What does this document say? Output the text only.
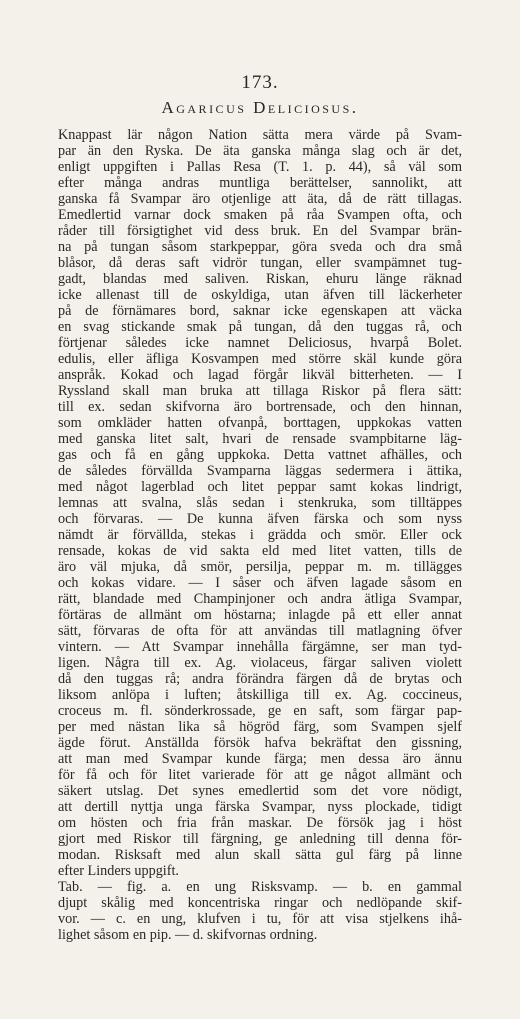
173.
Agaricus Deliciosus.
Knappast lär någon Nation sätta mera värde på Svam-
par än den Ryska. De äta ganska många slag och är det,
enligt uppgiften i Pallas Resa (T. 1. p. 44), så väl som
efter många andras muntliga berättelser, sannolikt, att
ganska få Svampar äro otjenlige att äta, då de rätt tillagas.
Emedlertid varnar dock smaken på råa Svampen ofta, och
råder till försigtighet vid dess bruk. En del Svampar brän-
na på tungan såsom starkpeppar, göra sveda och dra små
blåsor, då deras saft vidrör tungan, eller svampämnet tug-
gadt, blandas med saliven. Riskan, ehuru länge räknad
icke allenast till de oskyldiga, utan äfven till läckerheter
på de förnämares bord, saknar icke egenskapen att väcka
en svag stickande smak på tungan, då den tuggas rå, och
förtjenar således icke namnet Deliciosus, hvarpå Bolet.
edulis, eller äfliga Kosvampen med större skäl kunde göra
anspråk. Kokad och lagad förgår likväl bitterheten. — I
Ryssland skall man bruka att tillaga Riskor på flera sätt:
till ex. sedan skifvorna äro bortrensade, och den hinnan,
som omkläder hatten ofvanpå, borttagen, uppkokas vatten
med ganska litet salt, hvari de rensade svampbitarne läg-
gas och få en gång uppkoka. Detta vattnet afhälles, och
de således förvällda Svamparna läggas sedermera i ättika,
med något lagerblad och litet peppar samt kokas lindrigt,
lemnas att svalna, slås sedan i stenkruka, som tilltäppes
och förvaras. — De kunna äfven färska och som nyss
nämdt är förvällda, stekas i grädda och smör. Eller ock
rensade, kokas de vid sakta eld med litet vatten, tills de
äro väl mjuka, då smör, persilja, peppar m. m. tillägges
och kokas vidare. — I såser och äfven lagade såsom en
rätt, blandade med Champinjoner och andra ätliga Svampar,
förtäras de allmänt om höstarna; inlagde på ett eller annat
sätt, förvaras de ofta för att användas till matlagning öfver
vintern. — Att Svampar innehålla färgämne, ser man tyd-
ligen. Några till ex. Ag. violaceus, färgar saliven violett
då den tuggas rå; andra förändra färgen då de brytas och
liksom anlöpa i luften; åtskilliga till ex. Ag. coccineus,
croceus m. fl. sönderkrossade, ge en saft, som färgar pap-
per med nästan lika så högröd färg, som Svampen sjelf
ägde förut. Anställda försök hafva bekräftat den gissning,
att man med Svampar kunde färga; men dessa äro ännu
för få och för litet varierade för att ge något allmänt och
säkert utslag. Det synes emedlertid som det vore nödigt,
att dertill nyttja unga färska Svampar, nyss plockade, tidigt
om hösten och fria från maskar. De försök jag i höst
gjort med Riskor till färgning, ge anledning till denna för-
modan. Risksaft med alun skall sätta gul färg på linne
efter Linders uppgift.
Tab. — fig. a. en ung Risksvamp. — b. en gammal
djupt skålig med koncentriska ringar och nedlöpande skif-
vor. — c. en ung, klufven i tu, för att visa stjelkens ihå-
lighet såsom en pip. — d. skifvornas ordning.
